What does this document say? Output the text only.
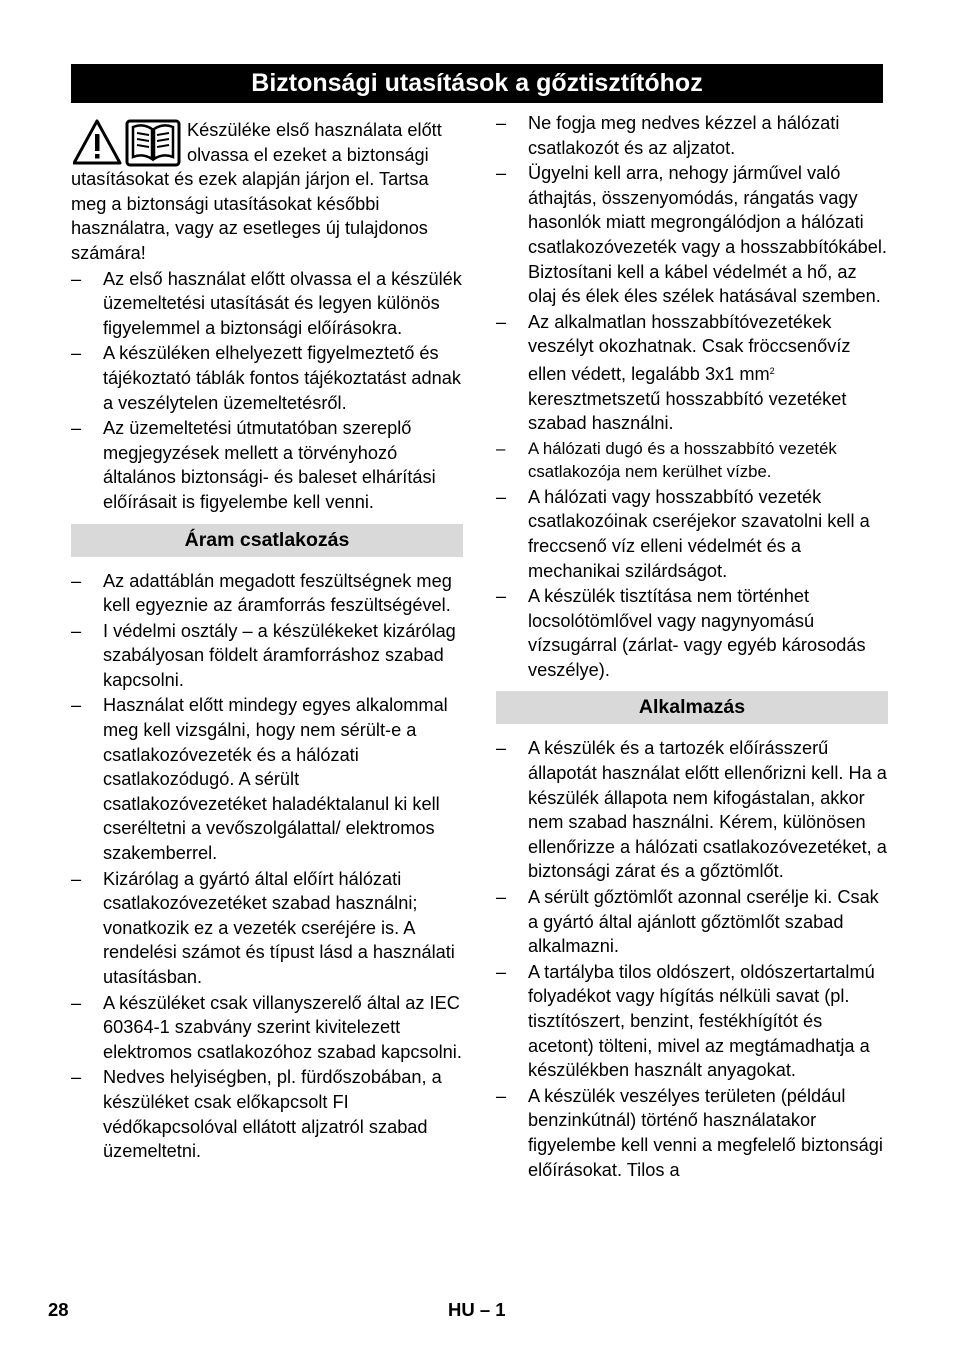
Biztonsági utasítások a gőztisztítóhoz

Készüléke első használata előtt olvassa el ezeket a biztonsági utasításokat és ezek alapján járjon el. Tartsa meg a biztonsági utasításokat későbbi használatra, vagy az esetleges új tulajdonos számára!

– Az első használat előtt olvassa el a készülék üzemeltetési utasítását és legyen különös figyelemmel a biztonsági előírásokra.
– A készüléken elhelyezett figyelmeztető és tájékoztató táblák fontos tájékoztatást adnak a veszélytelen üzemeltetésről.
– Az üzemeltetési útmutatóban szereplő megjegyzések mellett a törvényhozó általános biztonsági- és baleset elhárítási előírásait is figyelembe kell venni.
Áram csatlakozás
– Az adattáblán megadott feszültségnek meg kell egyeznie az áramforrás feszültségével.
– I védelmi osztály – a készülékeket kizárólag szabályosan földelt áramforráshoz szabad kapcsolni.
– Használat előtt mindegy egyes alkalommal meg kell vizsgálni, hogy nem sérült-e a csatlakozóvezeték és a hálózati csatlakozódugó. A sérült csatlakozóvezetéket haladéktalanul ki kell cseréltetni a vevőszolgálattal/ elektromos szakemberrel.
– Kizárólag a gyártó által előírt hálózati csatlakozóvezetéket szabad használni; vonatkozik ez a vezeték cseréjére is. A rendelési számot és típust lásd a használati utasításban.
– A készüléket csak villanyszerelő által az IEC 60364-1 szabvány szerint kivitelezett elektromos csatlakozóhoz szabad kapcsolni.
– Nedves helyiségben, pl. fürdőszobában, a készüléket csak előkapcsolt FI védőkapcsolóval ellátott aljzatról szabad üzemeltetni.
– Ne fogja meg nedves kézzel a hálózati csatlakozót és az aljzatot.
– Ügyelni kell arra, nehogy járművel való áthajtás, összenyomódás, rángatás vagy hasonlók miatt megrongálódjon a hálózati csatlakozóvezeték vagy a hosszabbítókábel. Biztosítani kell a kábel védelmét a hő, az olaj és élek éles szélek hatásával szemben.
– Az alkalmatlan hosszabbítóvezetékek veszélyt okozhatnak. Csak fröccsenővíz ellen védett, legalább 3x1 $mm^2$ keresztmetszetű hosszabbító vezetéket szabad használni.
– A hálózati dugó és a hosszabbító vezeték csatlakozója nem kerülhet vízbe.
– A hálózati vagy hosszabbító vezeték csatlakozóinak cseréjekor szavatolni kell a freccsenő víz elleni védelmét és a mechanikai szilárdságot.
– A készülék tisztítása nem történhet locsolótömlővel vagy nagynyomású vízsugárral (zárlat- vagy egyéb károsodás veszélye).
Alkalmazás
– A készülék és a tartozék előírásszerű állapotát használat előtt ellenőrizni kell. Ha a készülék állapota nem kifogástalan, akkor nem szabad használni. Kérem, különösen ellenőrizze a hálózati csatlakozóvezetéket, a biztonsági zárat és a gőztömlőt.
– A sérült gőztömlőt azonnal cserélje ki. Csak a gyártó által ajánlott gőztömlőt szabad alkalmazni.
– A tartályba tilos oldószert, oldószertartalmú folyadékot vagy hígítás nélküli savat (pl. tisztítószert, benzint, festékhígítót és acetont) tölteni, mivel az megtámadhatja a készülékben használt anyagokat.
– A készülék veszélyes területen (például benzinkútnál) történő használatakor figyelembe kell venni a megfelelő biztonsági előírásokat. Tilos a
28	HU – 1
